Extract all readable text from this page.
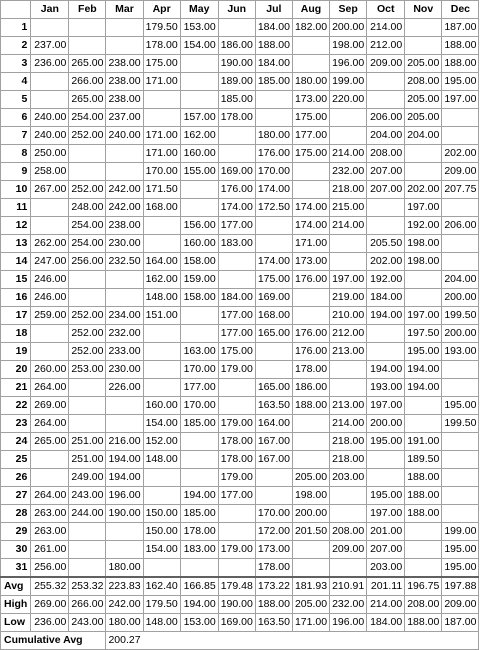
	Jan	Feb	Mar	Apr	May	Jun	Jul	Aug	Sep	Oct	Nov	Dec
1				179.50	153.00		184.00	182.00	200.00	214.00		187.00
2	237.00			178.00	154.00	186.00	188.00		198.00	212.00		188.00
3	236.00	265.00	238.00	175.00		190.00	184.00		196.00	209.00	205.00	188.00
4		266.00	238.00	171.00		189.00	185.00	180.00	199.00		208.00	195.00
5		265.00	238.00			185.00		173.00	220.00		205.00	197.00
6	240.00	254.00	237.00		157.00	178.00		175.00		206.00	205.00	
7	240.00	252.00	240.00	171.00	162.00		180.00	177.00		204.00	204.00	
8	250.00			171.00	160.00		176.00	175.00	214.00	208.00		202.00
9	258.00			170.00	155.00	169.00	170.00		232.00	207.00		209.00
10	267.00	252.00	242.00	171.50		176.00	174.00		218.00	207.00	202.00	207.75
11		248.00	242.00	168.00		174.00	172.50	174.00	215.00		197.00	
12		254.00	238.00		156.00	177.00		174.00	214.00		192.00	206.00
13	262.00	254.00	230.00		160.00	183.00		171.00		205.50	198.00	
14	247.00	256.00	232.50	164.00	158.00		174.00	173.00		202.00	198.00	
15	246.00			162.00	159.00		175.00	176.00	197.00	192.00		204.00
16	246.00			148.00	158.00	184.00	169.00		219.00	184.00		200.00
17	259.00	252.00	234.00	151.00		177.00	168.00		210.00	194.00	197.00	199.50
18		252.00	232.00			177.00	165.00	176.00	212.00		197.50	200.00
19		252.00	233.00		163.00	175.00		176.00	213.00		195.00	193.00
20	260.00	253.00	230.00		170.00	179.00		178.00		194.00	194.00	
21	264.00		226.00		177.00		165.00	186.00		193.00	194.00	
22	269.00			160.00	170.00		163.50	188.00	213.00	197.00		195.00
23	264.00			154.00	185.00	179.00	164.00		214.00	200.00		199.50
24	265.00	251.00	216.00	152.00		178.00	167.00		218.00	195.00	191.00	
25		251.00	194.00	148.00		178.00	167.00		218.00		189.50	
26		249.00	194.00			179.00		205.00	203.00		188.00	
27	264.00	243.00	196.00		194.00	177.00		198.00		195.00	188.00	
28	263.00	244.00	190.00	150.00	185.00		170.00	200.00		197.00	188.00	
29	263.00			150.00	178.00		172.00	201.50	208.00	201.00		199.00
30	261.00			154.00	183.00	179.00	173.00		209.00	207.00		195.00
31	256.00		180.00				178.00			203.00		195.00
Avg	255.32	253.32	223.83	162.40	166.85	179.48	173.22	181.93	210.91	201.11	196.75	197.88
High	269.00	266.00	242.00	179.50	194.00	190.00	188.00	205.00	232.00	214.00	208.00	209.00
Low	236.00	243.00	180.00	148.00	153.00	169.00	163.50	171.00	196.00	184.00	188.00	187.00
Cumulative Avg			200.27									
